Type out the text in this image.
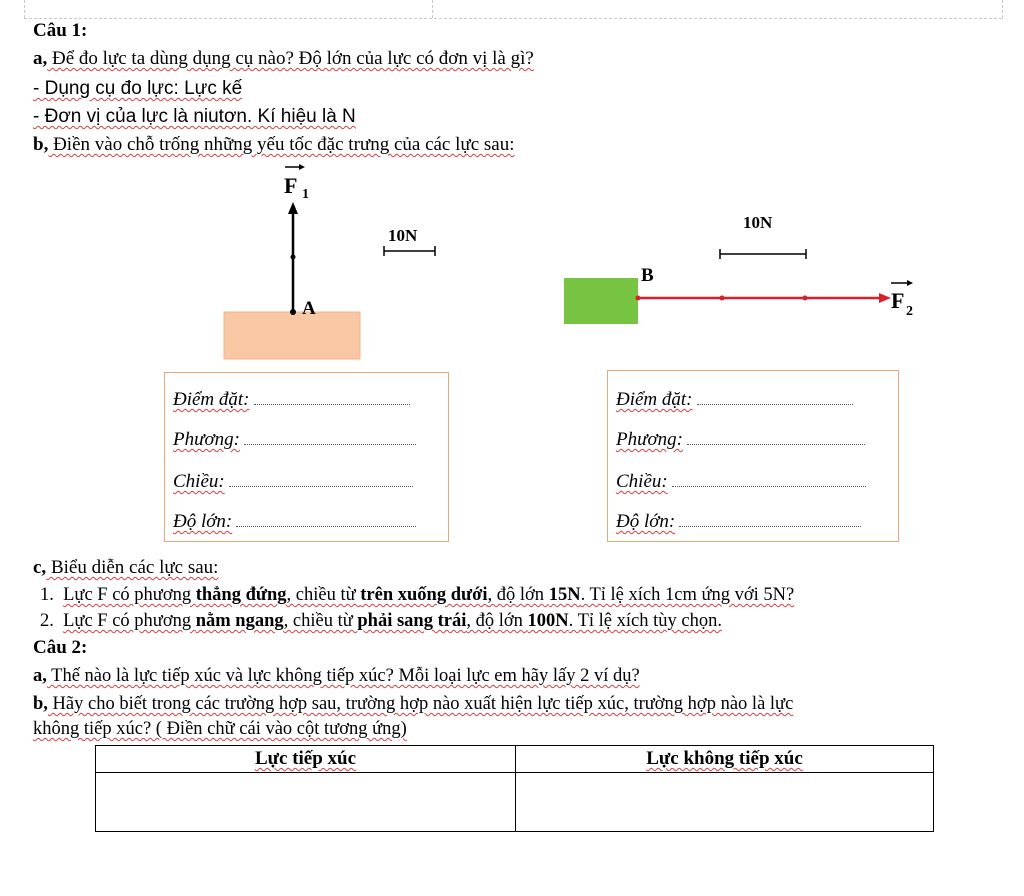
Câu 1:
a, Để đo lực ta dùng dụng cụ nào? Độ lớn của lực có đơn vị là gì?
- Dụng cụ đo lực: Lực kế
- Đơn vị của lực là niutơn. Kí hiệu là N
b, Điền vào chỗ trống những yếu tốc đặc trưng của các lực sau:
A
F 1
10N
10N
B
F 2
Điểm đặt:
Phương:
Chiều:
Độ lớn:
Điểm đặt:
Phương:
Chiều:
Độ lớn:
c, Biểu diễn các lực sau:
1. Lực F có phương thẳng đứng, chiều từ trên xuống dưới, độ lớn 15N. Tỉ lệ xích 1cm ứng với 5N?
2. Lực F có phương nằm ngang, chiều từ phải sang trái, độ lớn 100N. Tỉ lệ xích tùy chọn.
Câu 2:
a, Thế nào là lực tiếp xúc và lực không tiếp xúc? Mỗi loại lực em hãy lấy 2 ví dụ?
b, Hãy cho biết trong các trường hợp sau, trường hợp nào xuất hiện lực tiếp xúc, trường hợp nào là lực
không tiếp xúc? ( Điền chữ cái vào cột tương ứng)
Lực tiếp xúc	Lực không tiếp xúc
